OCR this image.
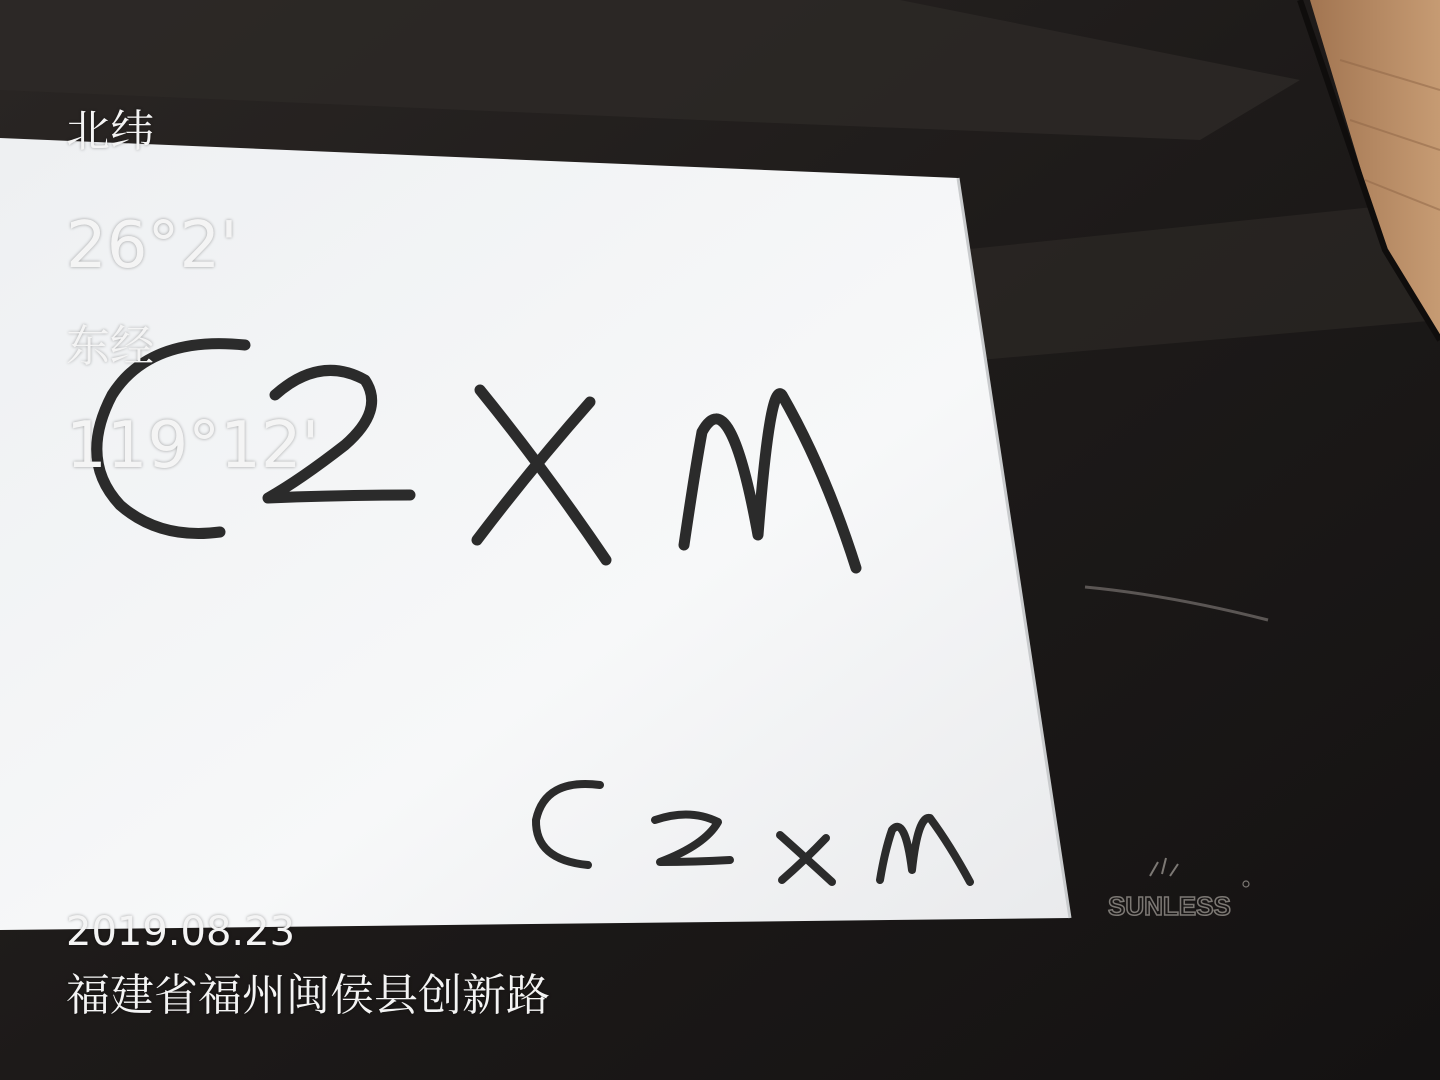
SUNLESS
北纬
26°2'
东经
119°12'
2019.08.23
福建省福州闽侯县创新路
